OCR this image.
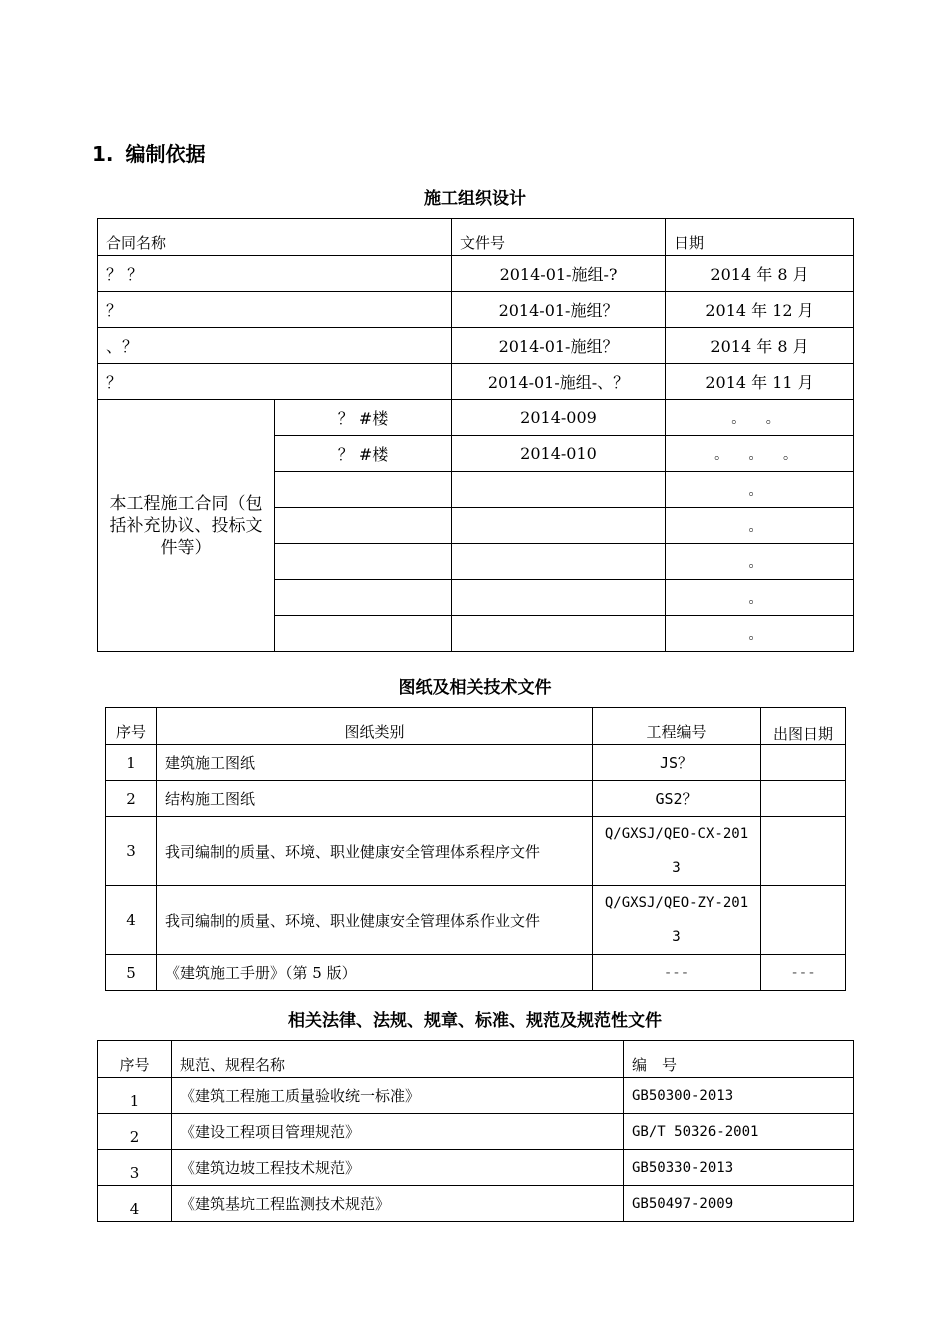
1. 编制依据
施工组织设计
合同名称		文件号	日期
？ ？		2014-01-施组-?	2014 年 8 月
？		2014-01-施组？	2014 年 12 月
、？		2014-01-施组？	2014 年 8 月
？		2014-01-施组-、？	2014 年 11 月
本工程施工合同（包括补充协议、投标文件等）	？ #楼	2014-009	。 。
	？ #楼	2014-010	。 。 。
			。
			。
			。
			。
			。
图纸及相关技术文件
序号	图纸类别	工程编号	出图日期
1	建筑施工图纸	JS？	
2	结构施工图纸	GS2？	
3	我司编制的质量、环境、职业健康安全管理体系程序文件	Q/GXSJ/QEO-CX-2013	
4	我司编制的质量、环境、职业健康安全管理体系作业文件	Q/GXSJ/QEO-ZY-2013	
5	《建筑施工手册》（第 5 版）	---	---
相关法律、法规、规章、标准、规范及规范性文件
序号	规范、规程名称	编　号
1	《建筑工程施工质量验收统一标准》	GB50300-2013
2	《建设工程项目管理规范》	GB/T 50326-2001
3	《建筑边坡工程技术规范》	GB50330-2013
4	《建筑基坑工程监测技术规范》	GB50497-2009
